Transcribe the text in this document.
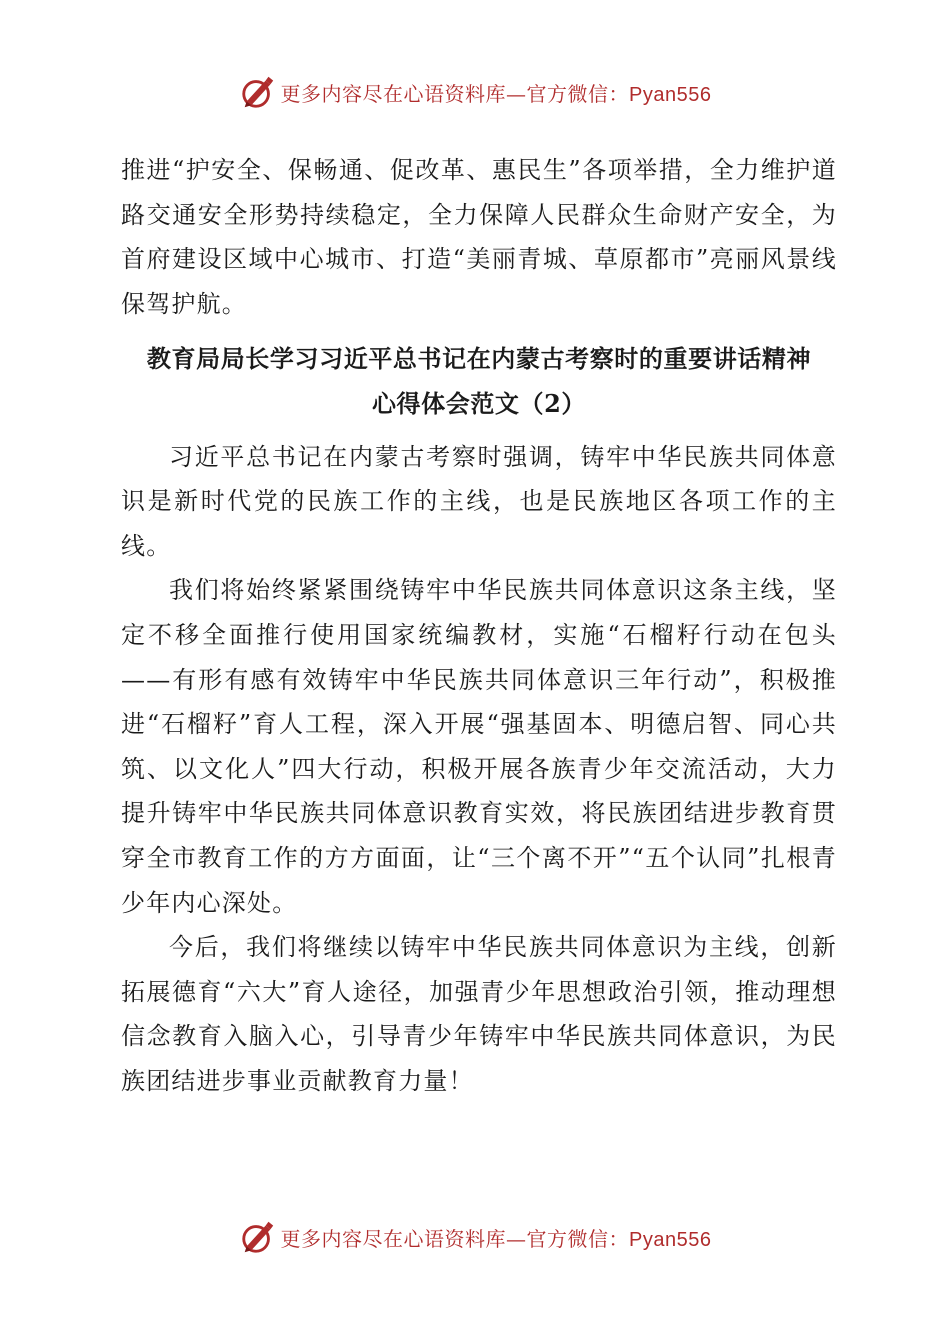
更多内容尽在心语资料库—官方微信：Pyan556

推进“护安全、保畅通、促改革、惠民生”各项举措，全力维护道路交通安全形势持续稳定，全力保障人民群众生命财产安全，为首府建设区域中心城市、打造“美丽青城、草原都市”亮丽风景线保驾护航。

教育局局长学习习近平总书记在内蒙古考察时的重要讲话精神
心得体会范文（2）

习近平总书记在内蒙古考察时强调，铸牢中华民族共同体意识是新时代党的民族工作的主线，也是民族地区各项工作的主线。

我们将始终紧紧围绕铸牢中华民族共同体意识这条主线，坚定不移全面推行使用国家统编教材，实施“石榴籽行动在包头——有形有感有效铸牢中华民族共同体意识三年行动”，积极推进“石榴籽”育人工程，深入开展“强基固本、明德启智、同心共筑、以文化人”四大行动，积极开展各族青少年交流活动，大力提升铸牢中华民族共同体意识教育实效，将民族团结进步教育贯穿全市教育工作的方方面面，让“三个离不开”“五个认同”扎根青少年内心深处。

今后，我们将继续以铸牢中华民族共同体意识为主线，创新拓展德育“六大”育人途径，加强青少年思想政治引领，推动理想信念教育入脑入心，引导青少年铸牢中华民族共同体意识，为民族团结进步事业贡献教育力量！

更多内容尽在心语资料库—官方微信：Pyan556
